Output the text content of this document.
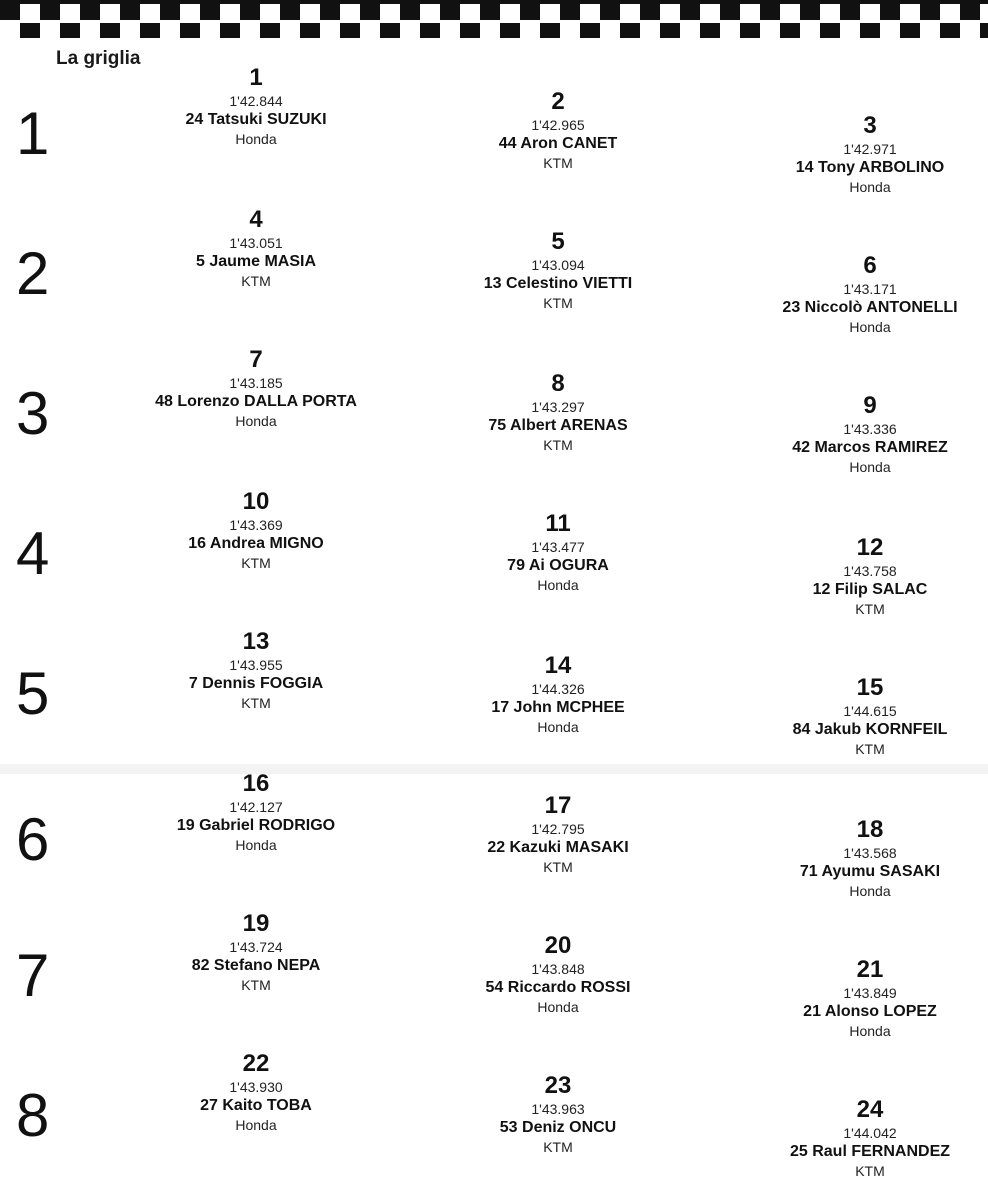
La griglia
1
2
3
4
5
6
7
8
1
1'42.844
24 Tatsuki SUZUKI
Honda
2
1'42.965
44 Aron CANET
KTM
3
1'42.971
14 Tony ARBOLINO
Honda
4
1'43.051
5 Jaume MASIA
KTM
5
1'43.094
13 Celestino VIETTI
KTM
6
1'43.171
23 Niccolò ANTONELLI
Honda
7
1'43.185
48 Lorenzo DALLA PORTA
Honda
8
1'43.297
75 Albert ARENAS
KTM
9
1'43.336
42 Marcos RAMIREZ
Honda
10
1'43.369
16 Andrea MIGNO
KTM
11
1'43.477
79 Ai OGURA
Honda
12
1'43.758
12 Filip SALAC
KTM
13
1'43.955
7 Dennis FOGGIA
KTM
14
1'44.326
17 John MCPHEE
Honda
15
1'44.615
84 Jakub KORNFEIL
KTM
16
1'42.127
19 Gabriel RODRIGO
Honda
17
1'42.795
22 Kazuki MASAKI
KTM
18
1'43.568
71 Ayumu SASAKI
Honda
19
1'43.724
82 Stefano NEPA
KTM
20
1'43.848
54 Riccardo ROSSI
Honda
21
1'43.849
21 Alonso LOPEZ
Honda
22
1'43.930
27 Kaito TOBA
Honda
23
1'43.963
53 Deniz ONCU
KTM
24
1'44.042
25 Raul FERNANDEZ
KTM
